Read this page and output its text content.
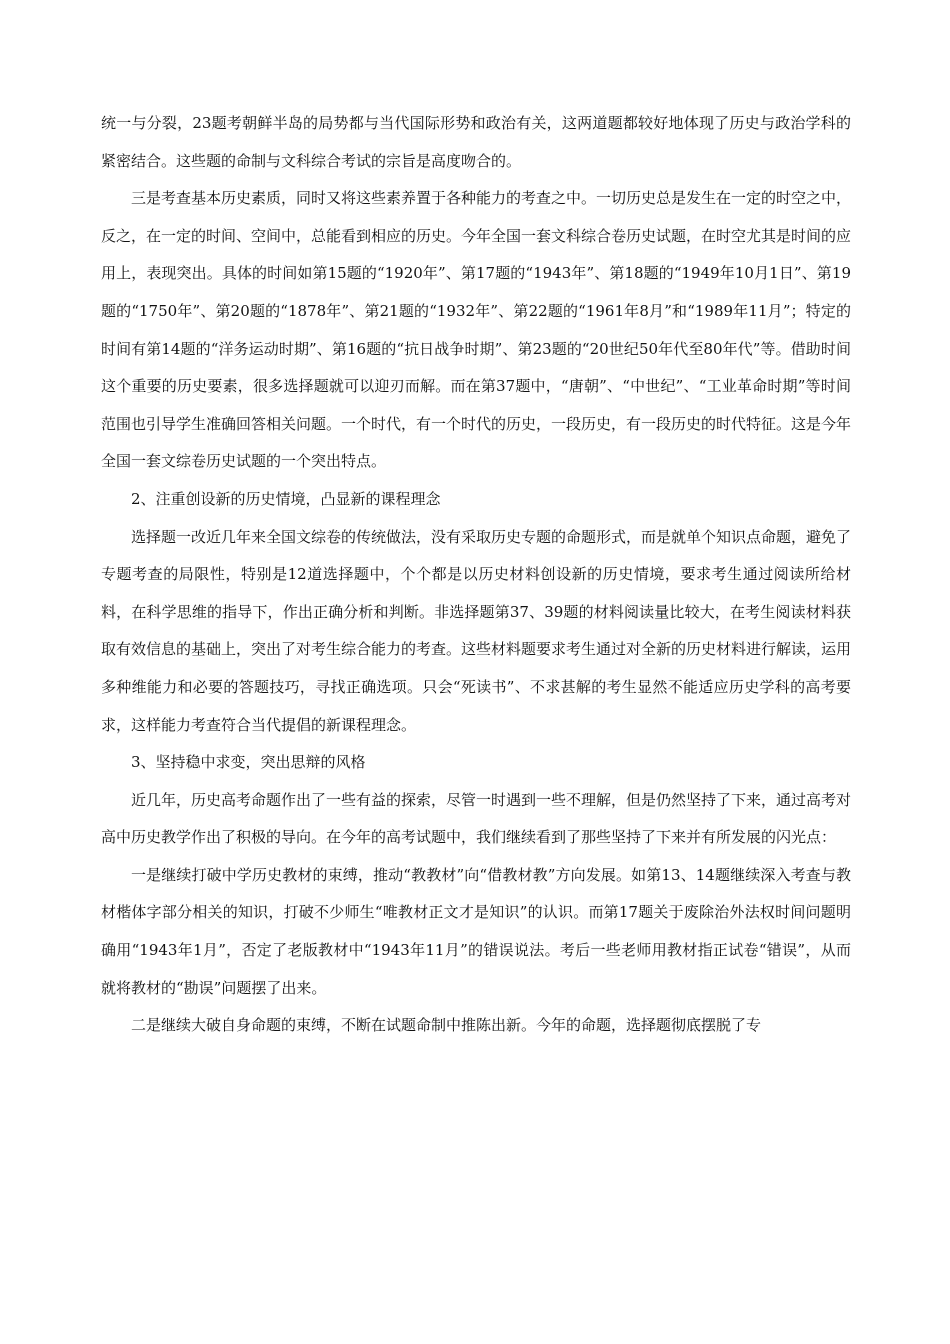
统一与分裂，23题考朝鲜半岛的局势都与当代国际形势和政治有关，这两道题都较好地体现了历史与政治学科的紧密结合。这些题的命制与文科综合考试的宗旨是高度吻合的。

三是考查基本历史素质，同时又将这些素养置于各种能力的考查之中。一切历史总是发生在一定的时空之中，反之，在一定的时间、空间中，总能看到相应的历史。今年全国一套文科综合卷历史试题，在时空尤其是时间的应用上，表现突出。具体的时间如第15题的“1920年”、第17题的“1943年”、第18题的“1949年10月1日”、第19题的“1750年”、第20题的“1878年”、第21题的“1932年”、第22题的“1961年8月”和“1989年11月”；特定的时间有第14题的“洋务运动时期”、第16题的“抗日战争时期”、第23题的“20世纪50年代至80年代”等。借助时间这个重要的历史要素，很多选择题就可以迎刃而解。而在第37题中，“唐朝”、“中世纪”、“工业革命时期”等时间范围也引导学生准确回答相关问题。一个时代，有一个时代的历史，一段历史，有一段历史的时代特征。这是今年全国一套文综卷历史试题的一个突出特点。

2、注重创设新的历史情境，凸显新的课程理念

选择题一改近几年来全国文综卷的传统做法，没有采取历史专题的命题形式，而是就单个知识点命题，避免了专题考查的局限性，特别是12道选择题中，个个都是以历史材料创设新的历史情境，要求考生通过阅读所给材料，在科学思维的指导下，作出正确分析和判断。非选择题第37、39题的材料阅读量比较大，在考生阅读材料获取有效信息的基础上，突出了对考生综合能力的考查。这些材料题要求考生通过对全新的历史材料进行解读，运用多种维能力和必要的答题技巧，寻找正确选项。只会“死读书”、不求甚解的考生显然不能适应历史学科的高考要求，这样能力考查符合当代提倡的新课程理念。

3、坚持稳中求变，突出思辩的风格

近几年，历史高考命题作出了一些有益的探索，尽管一时遇到一些不理解，但是仍然坚持了下来，通过高考对高中历史教学作出了积极的导向。在今年的高考试题中，我们继续看到了那些坚持了下来并有所发展的闪光点：

一是继续打破中学历史教材的束缚，推动“教教材”向“借教材教”方向发展。如第13、14题继续深入考查与教材楷体字部分相关的知识，打破不少师生“唯教材正文才是知识”的认识。而第17题关于废除治外法权时间问题明确用“1943年1月”，否定了老版教材中“1943年11月”的错误说法。考后一些老师用教材指正试卷“错误”，从而就将教材的“勘误”问题摆了出来。

二是继续大破自身命题的束缚，不断在试题命制中推陈出新。今年的命题，选择题彻底摆脱了专
